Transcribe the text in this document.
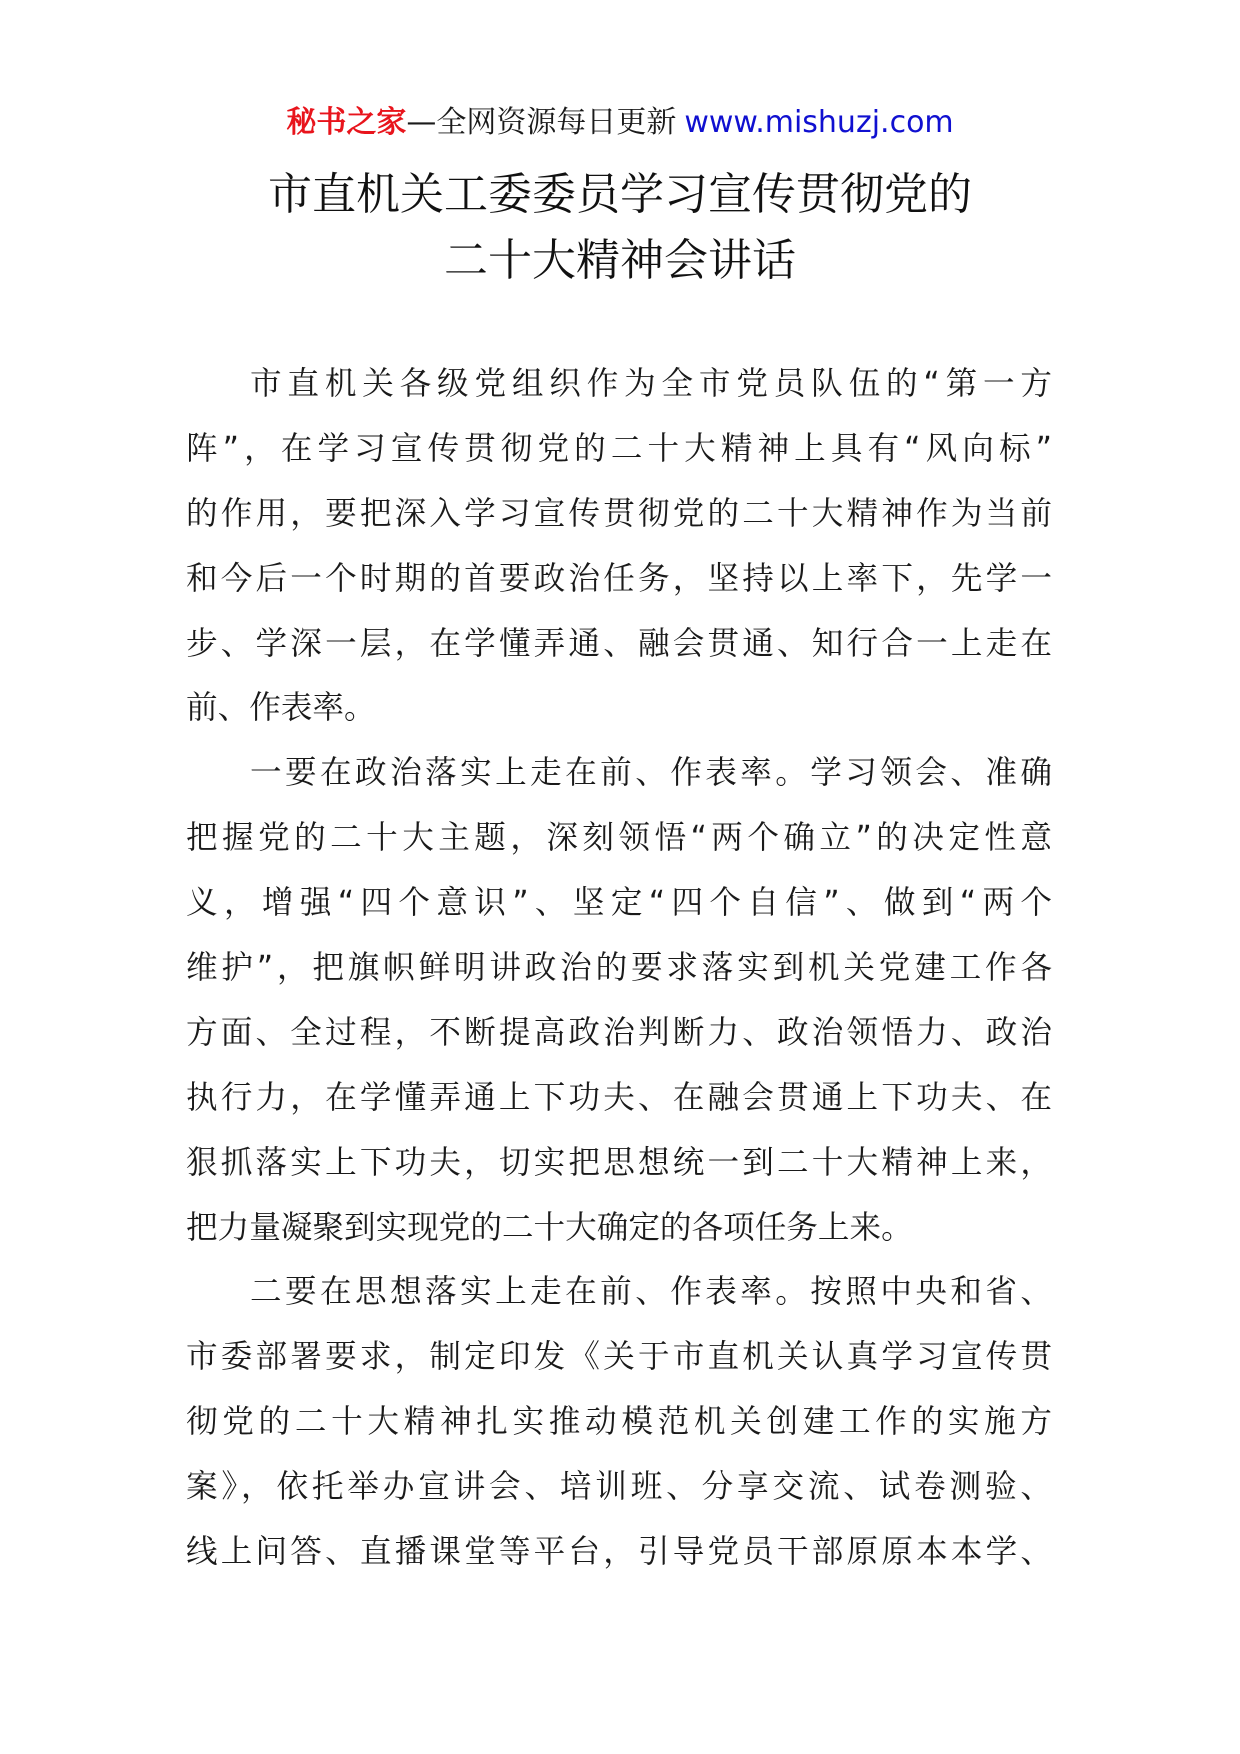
秘书之家—全网资源每日更新 www.mishuzj.com
市直机关工委委员学习宣传贯彻党的
二十大精神会讲话
市直机关各级党组织作为全市党员队伍的“第一方
阵”，在学习宣传贯彻党的二十大精神上具有“风向标”
的作用，要把深入学习宣传贯彻党的二十大精神作为当前
和今后一个时期的首要政治任务，坚持以上率下，先学一
步、学深一层，在学懂弄通、融会贯通、知行合一上走在
前、作表率。
一要在政治落实上走在前、作表率。学习领会、准确
把握党的二十大主题，深刻领悟“两个确立”的决定性意
义，增强“四个意识”、坚定“四个自信”、做到“两个
维护”，把旗帜鲜明讲政治的要求落实到机关党建工作各
方面、全过程，不断提高政治判断力、政治领悟力、政治
执行力，在学懂弄通上下功夫、在融会贯通上下功夫、在
狠抓落实上下功夫，切实把思想统一到二十大精神上来，
把力量凝聚到实现党的二十大确定的各项任务上来。
二要在思想落实上走在前、作表率。按照中央和省、
市委部署要求，制定印发《关于市直机关认真学习宣传贯
彻党的二十大精神扎实推动模范机关创建工作的实施方
案》，依托举办宣讲会、培训班、分享交流、试卷测验、
线上问答、直播课堂等平台，引导党员干部原原本本学、
